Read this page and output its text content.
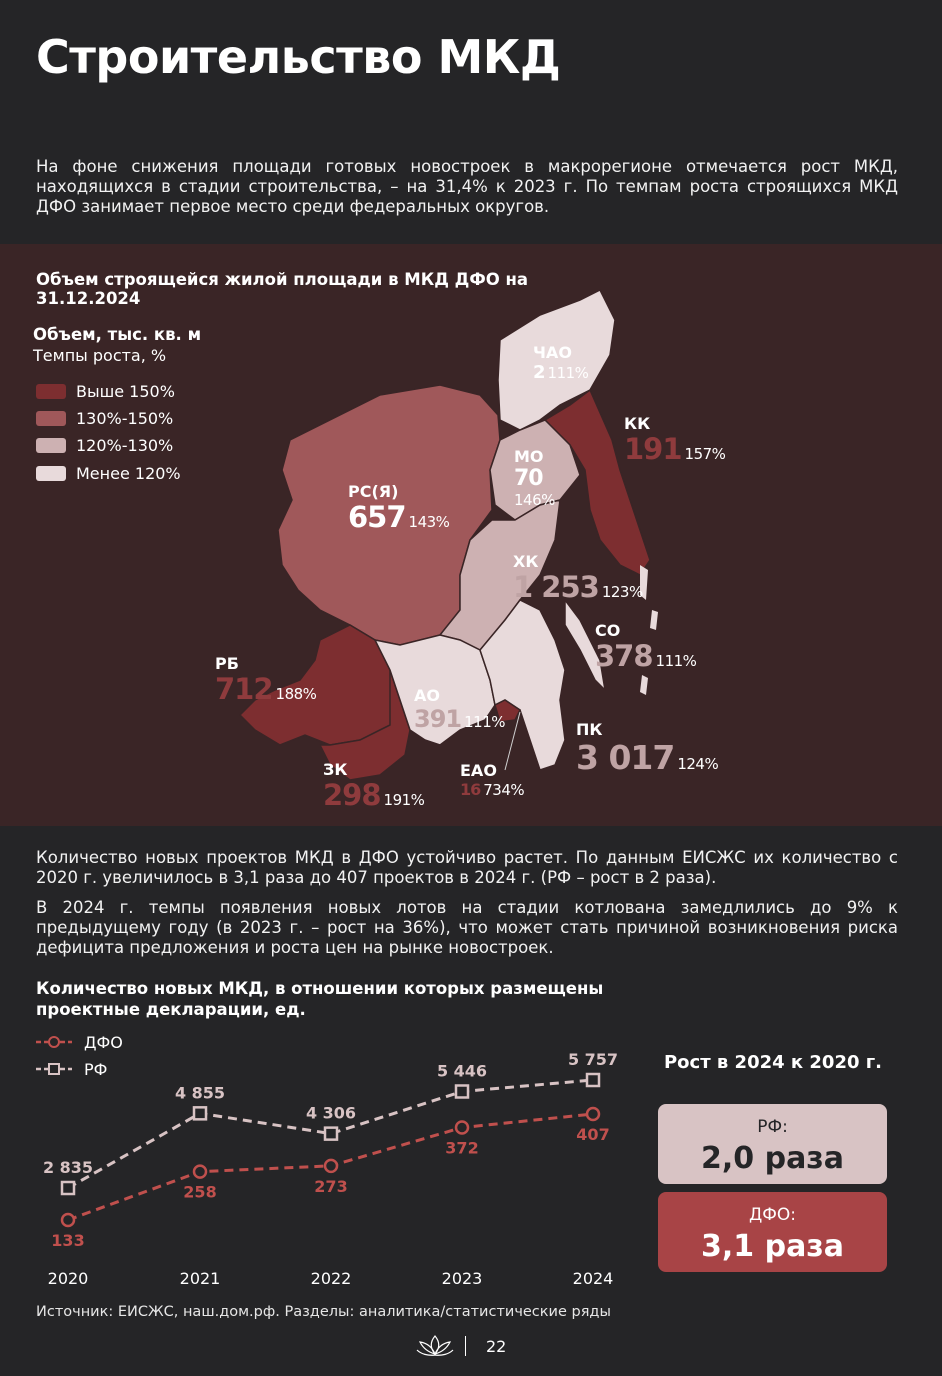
Строительство МКД
На фоне снижения площади готовых новостроек в макрорегионе отмечается рост МКД, находящихся в стадии строительства, – на 31,4% к 2023 г. По темпам роста строящихся МКД ДФО занимает первое место среди федеральных округов.
Объем строящейся жилой площади в МКД ДФО на 31.12.2024
Объем, тыс. кв. м
Темпы роста, %
Выше 150%
130%-150%
120%-130%
Менее 120%
ЧАО
2 111%
КК
191 157%
МО
70
146%
РС(Я)
657 143%
ХК
1 253 123%
СО
378 111%
РБ
712 188%	АО
391 111%	ПК
3 017 124%
ЗК
298 191%
ЕАО
16 734%
Количество новых проектов МКД в ДФО устойчиво растет. По данным ЕИСЖС их количество с 2020 г. увеличилось в 3,1 раза до 407 проектов в 2024 г. (РФ – рост в 2 раза).
В 2024 г. темпы появления новых лотов на стадии котлована замедлились до 9% к предыдущему году (в 2023 г. – рост на 36%), что может стать причиной возникновения риска дефицита предложения и роста цен на рынке новостроек.
Количество новых МКД, в отношении которых размещены проектные декларации, ед.
ДФО
РФ
133
258	273
372
407
2 835
4 855
4 306
5 446
5 757
2020	2021	2022	2023	2024
Рост в 2024 к 2020 г.
РФ:
2,0 раза
ДФО:
3,1 раза
Источник: ЕИСЖС, наш.дом.рф. Разделы: аналитика/статистические ряды
22
